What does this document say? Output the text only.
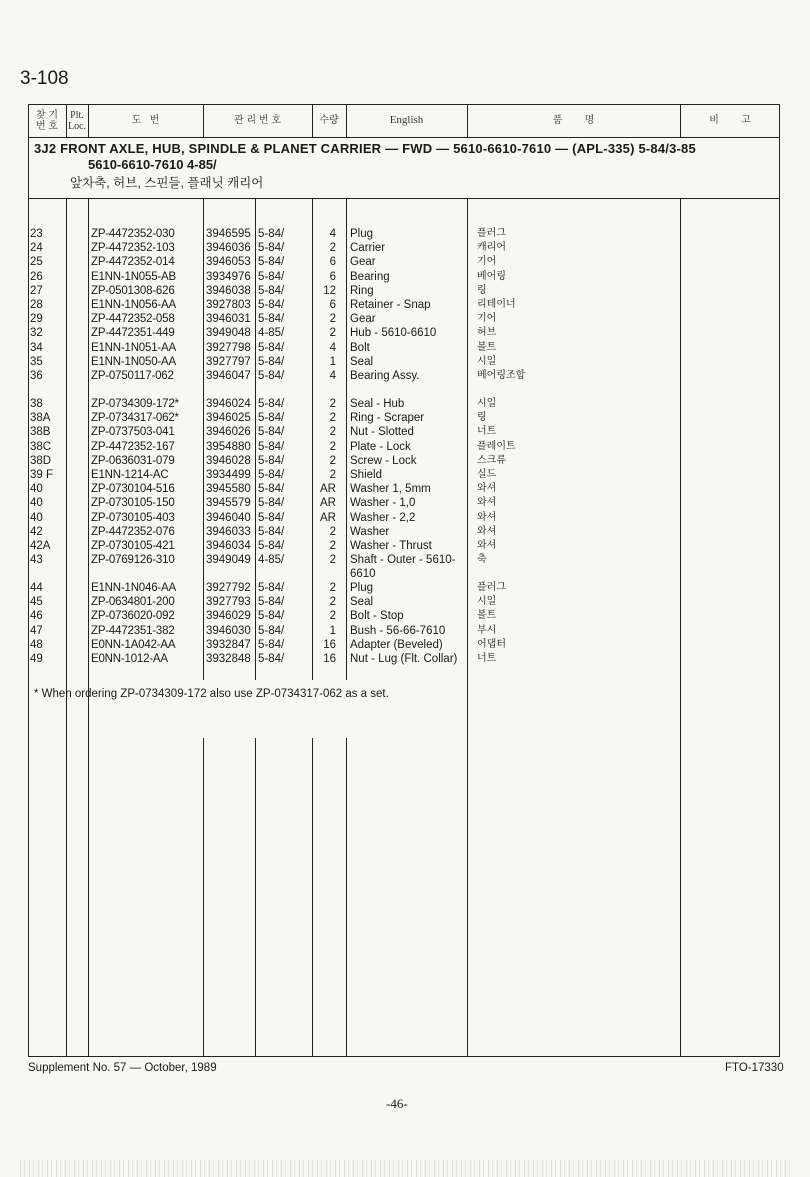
3-108
찾 기
번 호
Plt.
Loc.	도   번	관 리 번 호	수량	English	품        명	비        고
3J2 FRONT AXLE, HUB, SPINDLE & PLANET CARRIER — FWD — 5610-6610-7610 — (APL-335) 5-84/3-85
5610-6610-7610 4-85/
앞차축, 허브, 스핀들, 플래닛 캐리어
23	ZP-4472352-030	3946595 5-84/	4 Plug	플러그
24	ZP-4472352-103	3946036 5-84/	2 Carrier	캐리어
25	ZP-4472352-014	3946053 5-84/	6 Gear	기어
26	E1NN-1N055-AB	3934976 5-84/	6 Bearing	베어링
27	ZP-0501308-626	3946038 5-84/	12 Ring	링
28	E1NN-1N056-AA	3927803 5-84/	6 Retainer - Snap	리테이너
29	ZP-4472352-058	3946031 5-84/	2 Gear	기어
32	ZP-4472351-449	3949048 4-85/	2 Hub - 5610-6610	허브
34	E1NN-1N051-AA	3927798 5-84/	4 Bolt	볼트
35	E1NN-1N050-AA	3927797 5-84/	1 Seal	시일
36	ZP-0750117-062	3946047 5-84/	4 Bearing Assy.	베어링조합
38	ZP-0734309-172* 3946024 5-84/	2 Seal - Hub	시일
38A	ZP-0734317-062* 3946025 5-84/	2 Ring - Scraper	링
38B	ZP-0737503-041	3946026 5-84/	2 Nut - Slotted	너트
38C	ZP-4472352-167	3954880 5-84/	2 Plate - Lock	플레이트
38D	ZP-0636031-079	3946028 5-84/	2 Screw - Lock	스크류
39 F	E1NN-1214-AC	3934499 5-84/	2 Shield	실드
40	ZP-0730104-516	3945580 5-84/	AR Washer 1, 5mm	와셔
40	ZP-0730105-150	3945579 5-84/	AR Washer - 1,0	와셔
40	ZP-0730105-403	3946040 5-84/	AR Washer - 2,2	와셔
42	ZP-4472352-076	3946033 5-84/	2 Washer	와셔
42A	ZP-0730105-421	3946034 5-84/	2 Washer - Thrust	와셔
43	ZP-0769126-310	3949049 4-85/	2 Shaft - Outer - 5610- 축
6610
44	E1NN-1N046-AA	3927792 5-84/	2 Plug	플러그
45	ZP-0634801-200	3927793 5-84/	2 Seal	시일
46	ZP-0736020-092	3946029 5-84/	2 Bolt - Stop	볼트
47	ZP-4472351-382	3946030 5-84/	1 Bush - 56-66-7610	부시
48	E0NN-1A042-AA	3932847 5-84/	16 Adapter (Beveled)	어댑터
49	E0NN-1012-AA	3932848 5-84/	16 Nut - Lug (Flt. Collar) 너트
* When ordering ZP-0734309-172 also use ZP-0734317-062 as a set.
Supplement No. 57 — October, 1989	FTO-17330
-46-
